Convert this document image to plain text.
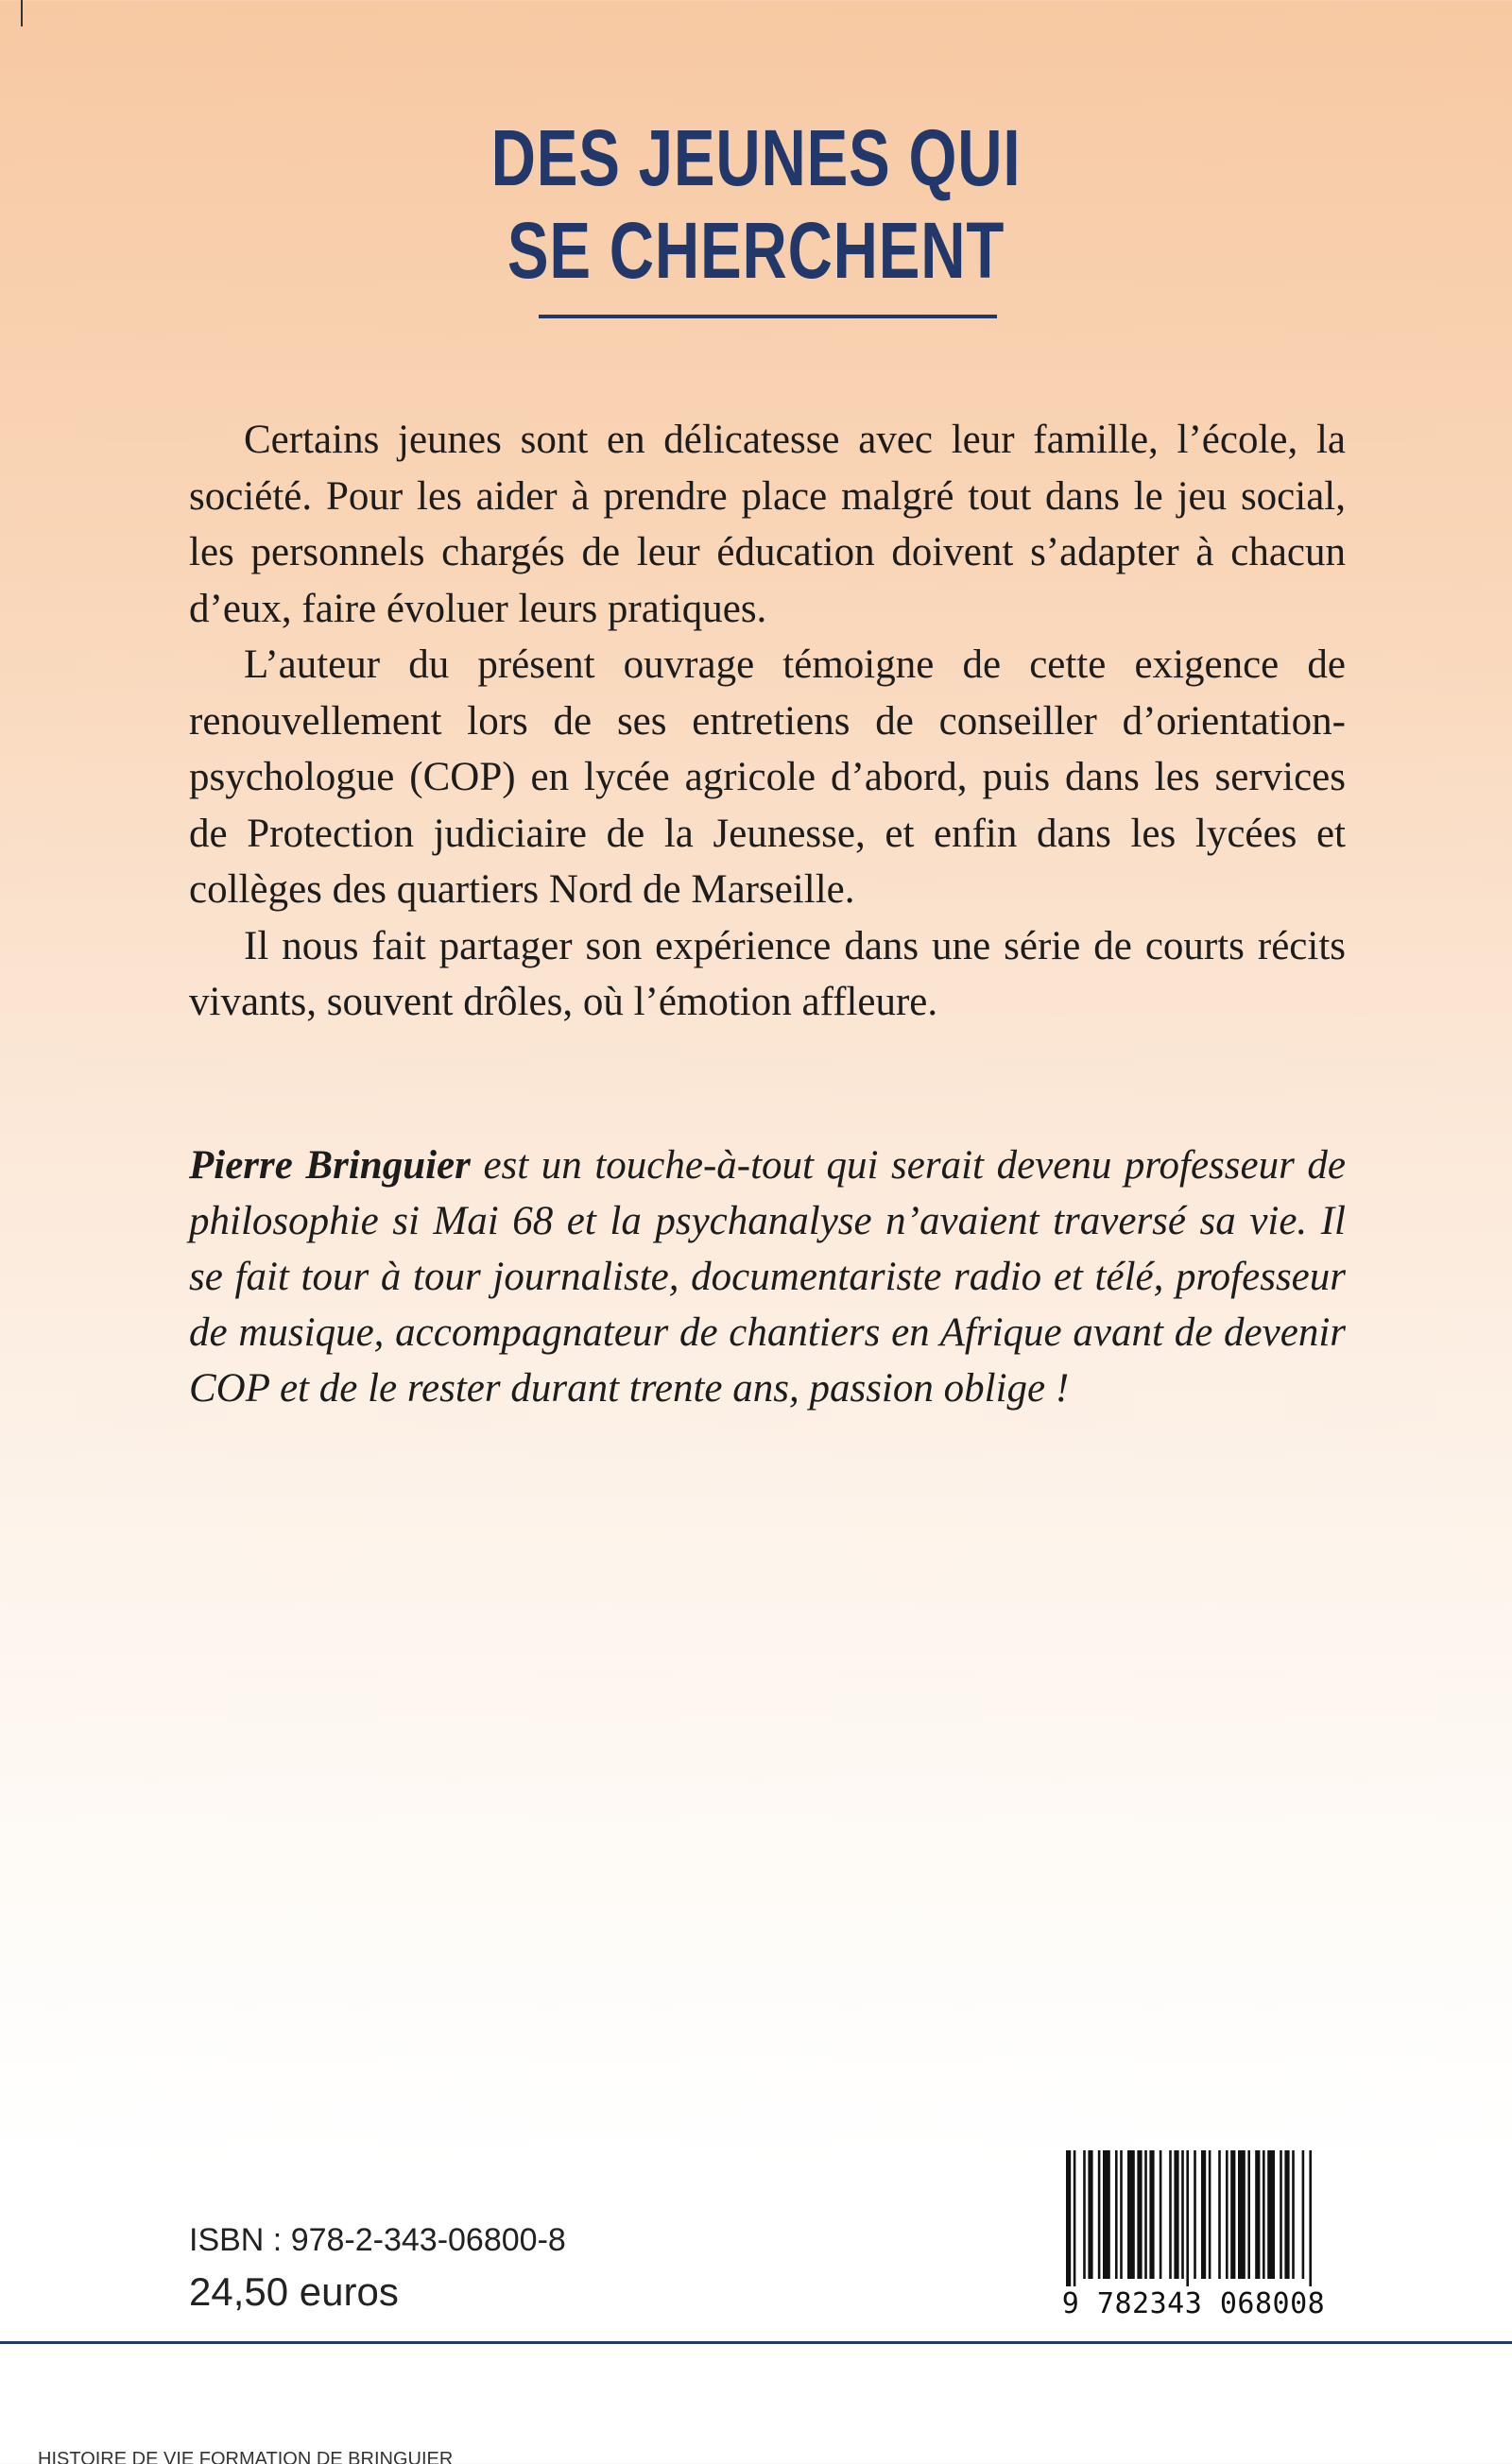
DES JEUNES QUI
SE CHERCHENT

Certains jeunes sont en délicatesse avec leur famille, l’école, la société. Pour les aider à prendre place malgré tout dans le jeu social, les personnels chargés de leur éducation doivent s’adapter à chacun d’eux, faire évoluer leurs pratiques.

L’auteur du présent ouvrage témoigne de cette exigence de renouvellement lors de ses entretiens de conseiller d’orientation-psychologue (COP) en lycée agricole d’abord, puis dans les services de Protection judiciaire de la Jeunesse, et enfin dans les lycées et collèges des quartiers Nord de Marseille.

Il nous fait partager son expérience dans une série de courts récits vivants, souvent drôles, où l’émotion affleure.

Pierre Bringuier est un touche-à-tout qui serait devenu professeur de philosophie si Mai 68 et la psychanalyse n’avaient traversé sa vie. Il se fait tour à tour journaliste, documentariste radio et télé, professeur de musique, accompagnateur de chantiers en Afrique avant de devenir COP et de le rester durant trente ans, passion oblige !
ISBN : 978-2-343-06800-8
24,50 euros	9 782343 068008
HISTOIRE DE VIE FORMATION DE BRINGUIER
